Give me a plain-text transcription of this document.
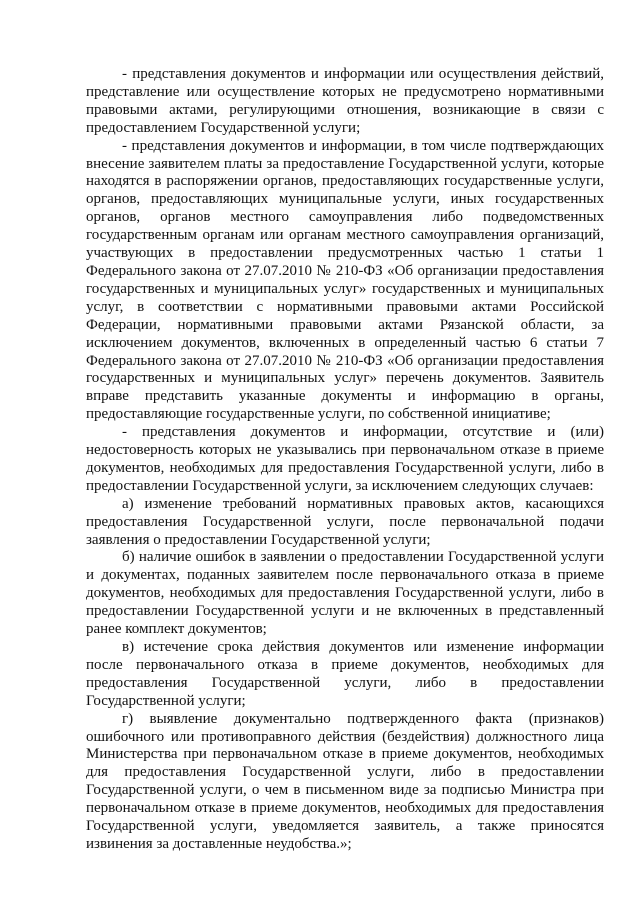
- представления документов и информации или осуществления действий, представление или осуществление которых не предусмотрено нормативными правовыми актами, регулирующими отношения, возникающие в связи с предоставлением Государственной услуги;

- представления документов и информации, в том числе подтверждающих внесение заявителем платы за предоставление Государственной услуги, которые находятся в распоряжении органов, предоставляющих государственные услуги, органов, предоставляющих муниципальные услуги, иных государственных органов, органов местного самоуправления либо подведомственных государственным органам или органам местного самоуправления организаций, участвующих в предоставлении предусмотренных частью 1 статьи 1 Федерального закона от 27.07.2010 № 210-ФЗ «Об организации предоставления государственных и муниципальных услуг» государственных и муниципальных услуг, в соответствии с нормативными правовыми актами Российской Федерации, нормативными правовыми актами Рязанской области, за исключением документов, включенных в определенный частью 6 статьи 7 Федерального закона от 27.07.2010 № 210-ФЗ «Об организации предоставления государственных и муниципальных услуг» перечень документов. Заявитель вправе представить указанные документы и информацию в органы, предоставляющие государственные услуги, по собственной инициативе;

- представления документов и информации, отсутствие и (или) недостоверность которых не указывались при первоначальном отказе в приеме документов, необходимых для предоставления Государственной услуги, либо в предоставлении Государственной услуги, за исключением следующих случаев:

а) изменение требований нормативных правовых актов, касающихся предоставления Государственной услуги, после первоначальной подачи заявления о предоставлении Государственной услуги;

б) наличие ошибок в заявлении о предоставлении Государственной услуги и документах, поданных заявителем после первоначального отказа в приеме документов, необходимых для предоставления Государственной услуги, либо в предоставлении Государственной услуги и не включенных в представленный ранее комплект документов;

в) истечение срока действия документов или изменение информации после первоначального отказа в приеме документов, необходимых для предоставления Государственной услуги, либо в предоставлении Государственной услуги;

г) выявление документально подтвержденного факта (признаков) ошибочного или противоправного действия (бездействия) должностного лица Министерства при первоначальном отказе в приеме документов, необходимых для предоставления Государственной услуги, либо в предоставлении Государственной услуги, о чем в письменном виде за подписью Министра при первоначальном отказе в приеме документов, необходимых для предоставления Государственной услуги, уведомляется заявитель, а также приносятся извинения за доставленные неудобства.»;
